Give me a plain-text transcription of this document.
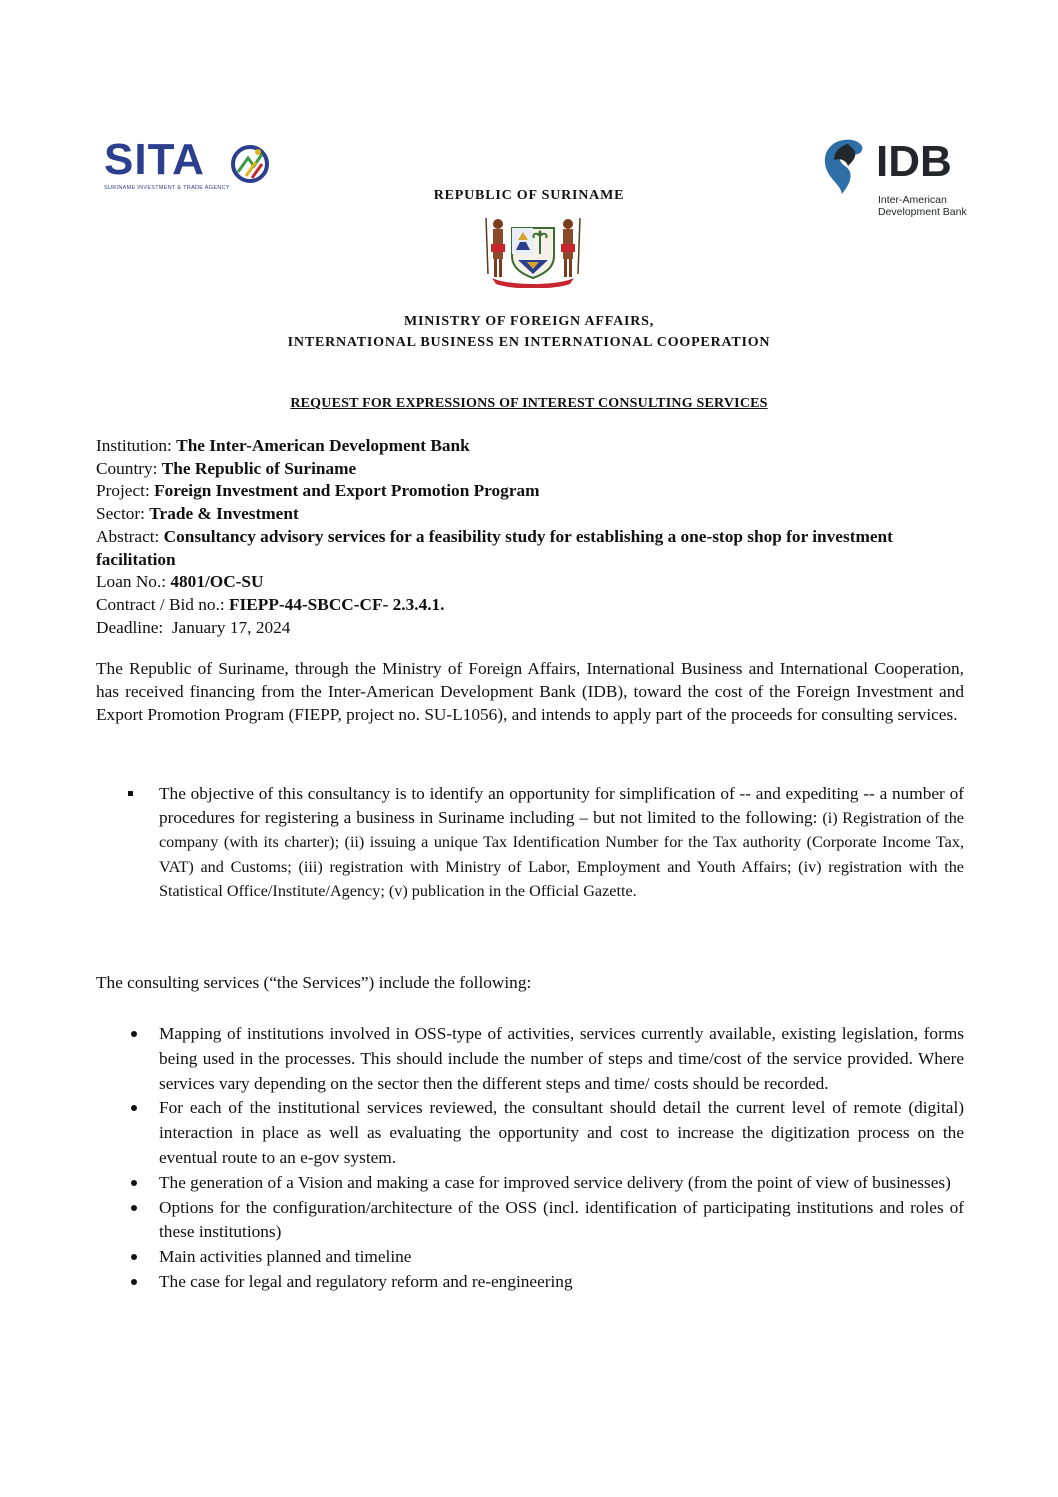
SITA
SURINAME INVESTMENT & TRADE AGENCY
IDB
Inter-American Development Bank
REPUBLIC OF SURINAME
MINISTRY OF FOREIGN AFFAIRS,
INTERNATIONAL BUSINESS EN INTERNATIONAL COOPERATION
REQUEST FOR EXPRESSIONS OF INTEREST CONSULTING SERVICES
Institution: The Inter-American Development Bank
Country: The Republic of Suriname
Project: Foreign Investment and Export Promotion Program
Sector: Trade & Investment
Abstract: Consultancy advisory services for a feasibility study for establishing a one-stop shop for investment facilitation
Loan No.: 4801/OC-SU
Contract / Bid no.: FIEPP-44-SBCC-CF- 2.3.4.1.
Deadline:  January 17, 2024

The Republic of Suriname, through the Ministry of Foreign Affairs, International Business and International Cooperation, has received financing from the Inter-American Development Bank (IDB), toward the cost of the Foreign Investment and Export Promotion Program (FIEPP, project no. SU-L1056), and intends to apply part of the proceeds for consulting services.

The objective of this consultancy is to identify an opportunity for simplification of -- and expediting -- a number of procedures for registering a business in Suriname including – but not limited to the following: (i) Registration of the company (with its charter); (ii) issuing a unique Tax Identification Number for the Tax authority (Corporate Income Tax, VAT) and Customs; (iii) registration with Ministry of Labor, Employment and Youth Affairs; (iv) registration with the Statistical Office/Institute/Agency; (v) publication in the Official Gazette.

The consulting services (“the Services”) include the following:

Mapping of institutions involved in OSS-type of activities, services currently available, existing legislation, forms being used in the processes. This should include the number of steps and time/cost of the service provided. Where services vary depending on the sector then the different steps and time/ costs should be recorded.
For each of the institutional services reviewed, the consultant should detail the current level of remote (digital) interaction in place as well as evaluating the opportunity and cost to increase the digitization process on the eventual route to an e-gov system.
The generation of a Vision and making a case for improved service delivery (from the point of view of businesses)
Options for the configuration/architecture of the OSS (incl. identification of participating institutions and roles of these institutions)
Main activities planned and timeline
The case for legal and regulatory reform and re-engineering
